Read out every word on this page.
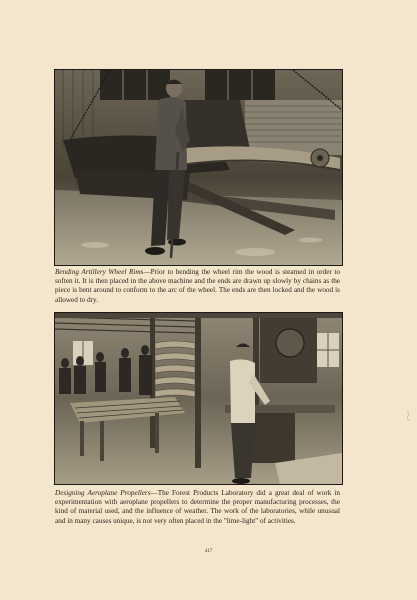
Bending Artillery Wheel Rims—Prior to bending the wheel rim the wood is steamed in order to soften it. It is then placed in the above machine and the ends are drawn up slowly by chains as the piece is bent around to conform to the arc of the wheel. The ends are then locked and the wood is allowed to dry.
Designing Aeroplane Propellers—The Forest Products Laboratory did a great deal of work in experimentation with aeroplane propellers to determine the proper manufacturing processes, the kind of material used, and the influence of weather. The work of the laboratories, while unusual and in many causes unique, is not very often placed in the "lime-light" of activities.
417
